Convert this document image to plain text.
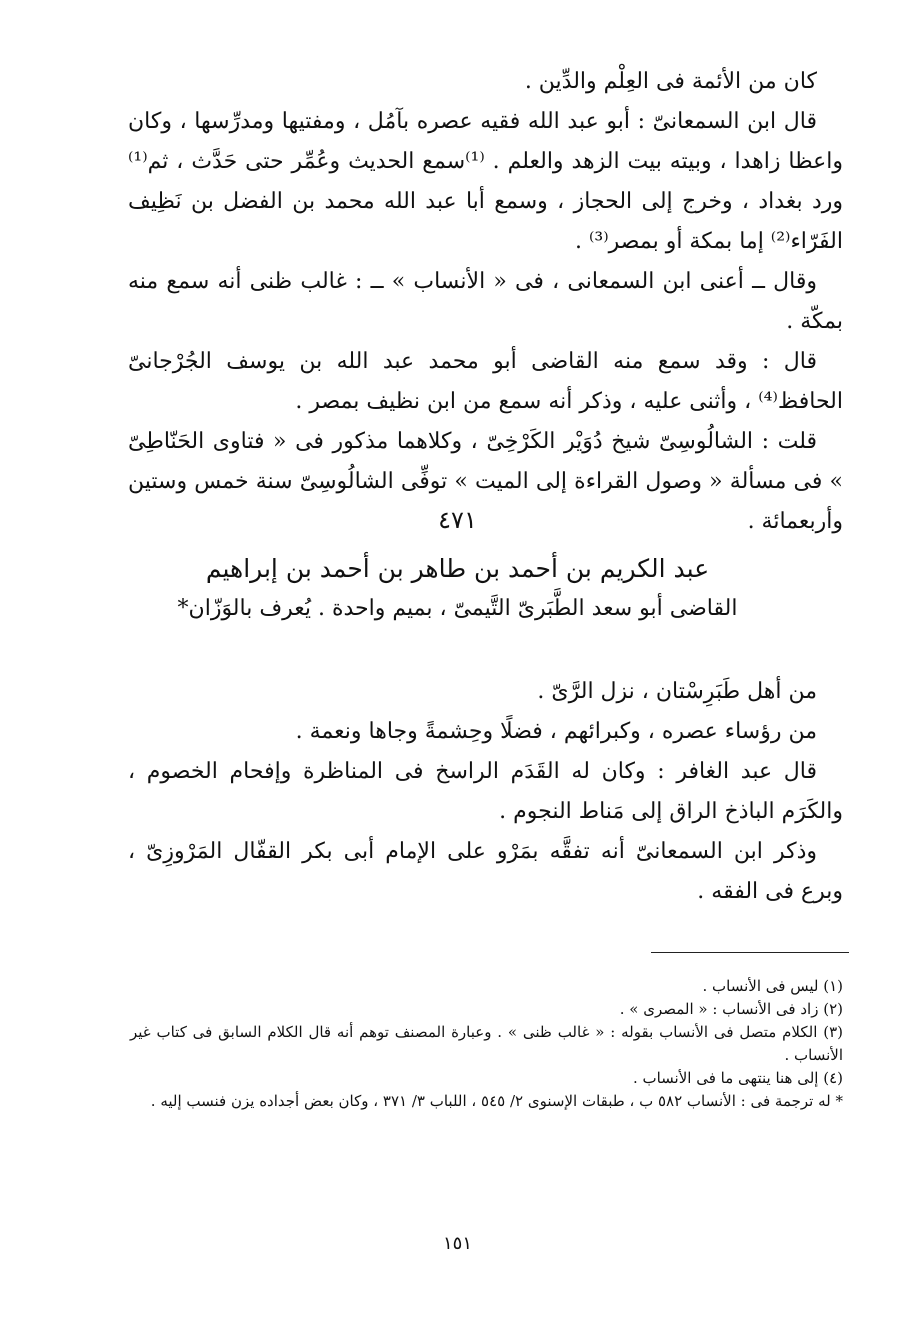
كان من الأئمة فى العِلْم والدِّين .

قال ابن السمعانىّ : أبو عبد الله فقيه عصره بآمُل ، ومفتيها ومدرِّسها ، وكان واعظا زاهدا ، وبيته بيت الزهد والعلم . ⁽¹⁾سمع الحديث وعُمِّر حتى حَدَّث ، ثم⁽¹⁾ ورد بغداد ، وخرج إلى الحجاز ، وسمع أبا عبد الله محمد بن الفضل بن نَظِيف الفَرّاء⁽²⁾ إما بمكة أو بمصر⁽³⁾ .

وقال ــ أعنى ابن السمعانى ، فى « الأنساب » ــ : غالب ظنى أنه سمع منه بمكّة .

قال : وقد سمع منه القاضى أبو محمد عبد الله بن يوسف الجُرْجانىّ الحافظ⁽⁴⁾ ، وأثنى عليه ، وذكر أنه سمع من ابن نظيف بمصر .

قلت : الشالُوسِىّ شيخ دُوَيْر الكَرْخِىّ ، وكلاهما مذكور فى « فتاوى الحَنّاطِىّ » فى مسألة « وصول القراءة إلى الميت » توفِّى الشالُوسِىّ سنة خمس وستين وأربعمائة .

٤٧١
عبد الكريم بن أحمد بن طاهر بن أحمد بن إبراهيم
القاضى أبو سعد الطَّبَرىّ التَّيمىّ ، بميم واحدة . يُعرف بالوَزّان*

من أهل طَبَرِسْتان ، نزل الرَّىّ .

من رؤساء عصره ، وكبرائهم ، فضلًا وحِشمةً وجاها ونعمة .

قال عبد الغافر : وكان له القَدَم الراسخ فى المناظرة وإفحام الخصوم ، والكَرَم الباذخ الراق إلى مَناط النجوم .

وذكر ابن السمعانىّ أنه تفقَّه بمَرْو على الإمام أبى بكر القفّال المَرْوزِىّ ، وبرع فى الفقه .

(١) ليس فى الأنساب .

(٢) زاد فى الأنساب : « المصرى » .

(٣) الكلام متصل فى الأنساب بقوله : « غالب ظنى » . وعبارة المصنف توهم أنه قال الكلام السابق فى كتاب غير الأنساب .

(٤) إلى هنا ينتهى ما فى الأنساب .

* له ترجمة فى : الأنساب ٥٨٢ ب ، طبقات الإسنوى ٢/ ٥٤٥ ، اللباب ٣/ ٣٧١ ، وكان بعض أجداده يزن فنسب إليه .

١٥١
